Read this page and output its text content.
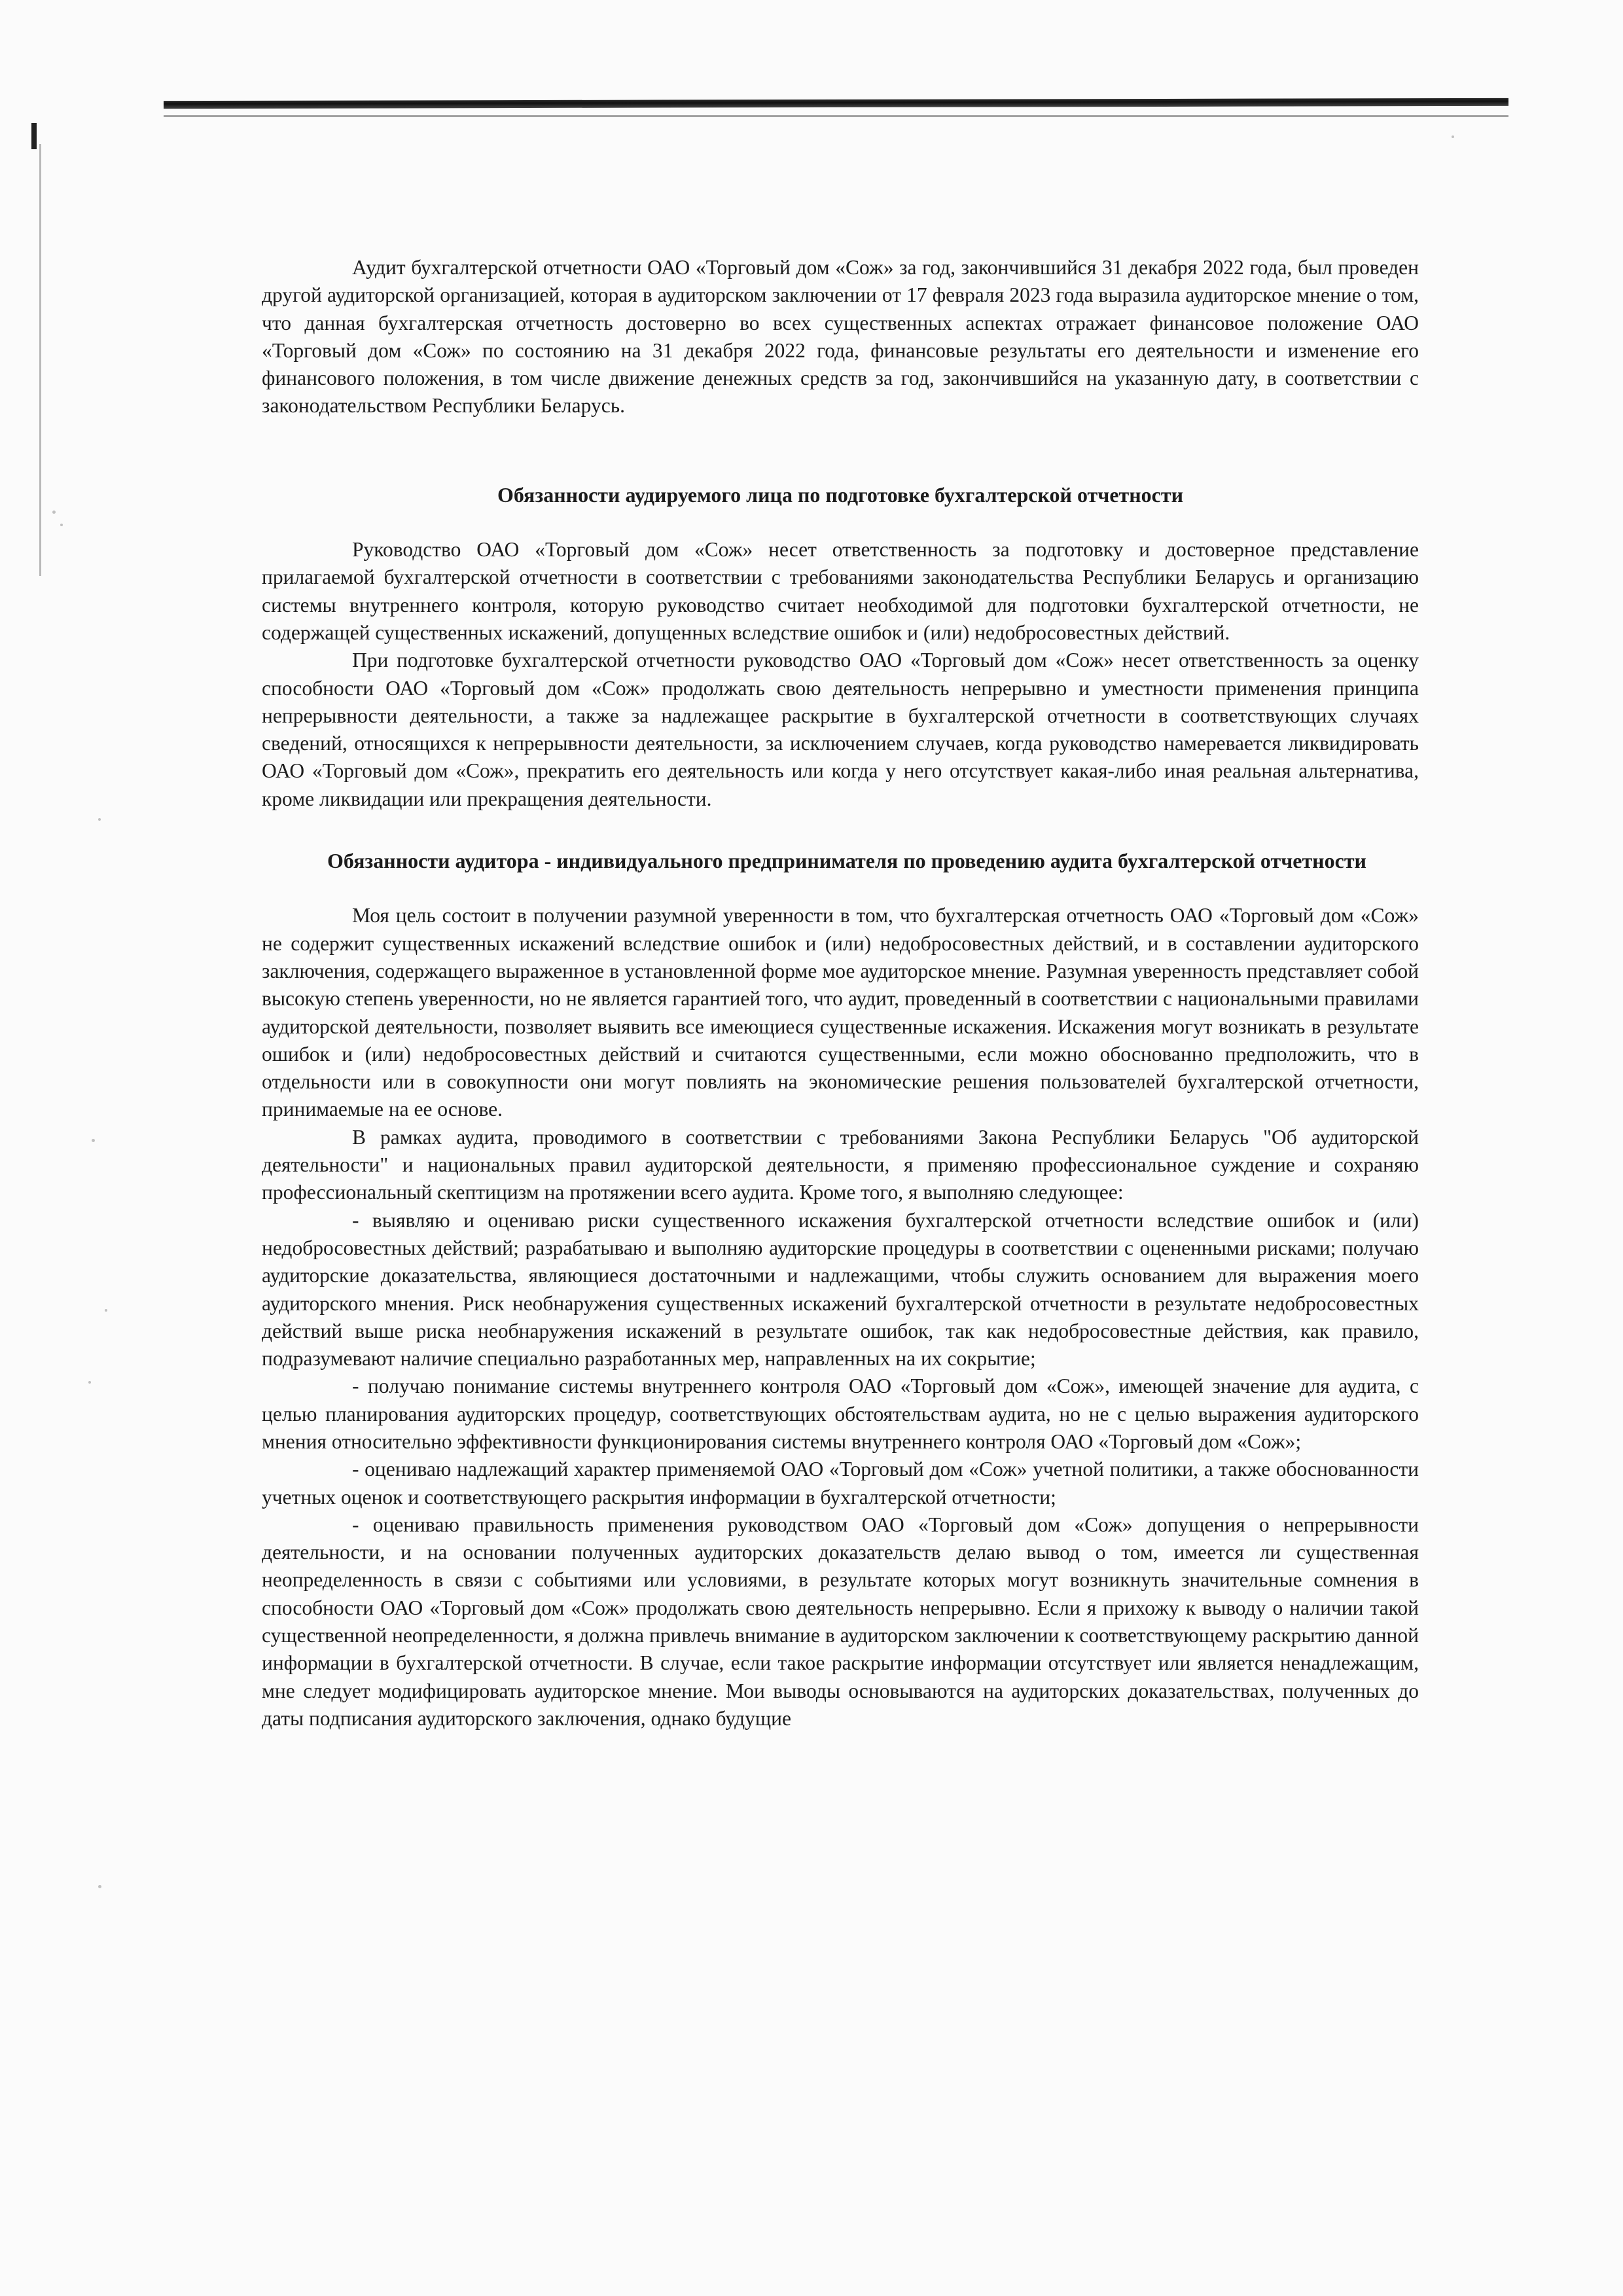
Аудит бухгалтерской отчетности ОАО «Торговый дом «Сож» за год, закончившийся 31 декабря 2022 года, был проведен другой аудиторской организацией, которая в аудиторском заключении от 17 февраля 2023 года выразила аудиторское мнение о том, что данная бухгалтерская отчетность достоверно во всех существенных аспектах отражает финансовое положение ОАО «Торговый дом «Сож» по состоянию на 31 декабря 2022 года, финансовые результаты его деятельности и изменение его финансового положения, в том числе движение денежных средств за год, закончившийся на указанную дату, в соответствии с законодательством Республики Беларусь.

Обязанности аудируемого лица по подготовке бухгалтерской отчетности

Руководство ОАО «Торговый дом «Сож» несет ответственность за подготовку и достоверное представление прилагаемой бухгалтерской отчетности в соответствии с требованиями законодательства Республики Беларусь и организацию системы внутреннего контроля, которую руководство считает необходимой для подготовки бухгалтерской отчетности, не содержащей существенных искажений, допущенных вследствие ошибок и (или) недобросовестных действий.

При подготовке бухгалтерской отчетности руководство ОАО «Торговый дом «Сож» несет ответственность за оценку способности ОАО «Торговый дом «Сож» продолжать свою деятельность непрерывно и уместности применения принципа непрерывности деятельности, а также за надлежащее раскрытие в бухгалтерской отчетности в соответствующих случаях сведений, относящихся к непрерывности деятельности, за исключением случаев, когда руководство намеревается ликвидировать ОАО «Торговый дом «Сож», прекратить его деятельность или когда у него отсутствует какая-либо иная реальная альтернатива, кроме ликвидации или прекращения деятельности.

Обязанности аудитора - индивидуального предпринимателя по проведению аудита бухгалтерской отчетности

Моя цель состоит в получении разумной уверенности в том, что бухгалтерская отчетность ОАО «Торговый дом «Сож» не содержит существенных искажений вследствие ошибок и (или) недобросовестных действий, и в составлении аудиторского заключения, содержащего выраженное в установленной форме мое аудиторское мнение. Разумная уверенность представляет собой высокую степень уверенности, но не является гарантией того, что аудит, проведенный в соответствии с национальными правилами аудиторской деятельности, позволяет выявить все имеющиеся существенные искажения. Искажения могут возникать в результате ошибок и (или) недобросовестных действий и считаются существенными, если можно обоснованно предположить, что в отдельности или в совокупности они могут повлиять на экономические решения пользователей бухгалтерской отчетности, принимаемые на ее основе.

В рамках аудита, проводимого в соответствии с требованиями Закона Республики Беларусь "Об аудиторской деятельности" и национальных правил аудиторской деятельности, я применяю профессиональное суждение и сохраняю профессиональный скептицизм на протяжении всего аудита. Кроме того, я выполняю следующее:

- выявляю и оцениваю риски существенного искажения бухгалтерской отчетности вследствие ошибок и (или) недобросовестных действий; разрабатываю и выполняю аудиторские процедуры в соответствии с оцененными рисками; получаю аудиторские доказательства, являющиеся достаточными и надлежащими, чтобы служить основанием для выражения моего аудиторского мнения. Риск необнаружения существенных искажений бухгалтерской отчетности в результате недобросовестных действий выше риска необнаружения искажений в результате ошибок, так как недобросовестные действия, как правило, подразумевают наличие специально разработанных мер, направленных на их сокрытие;

- получаю понимание системы внутреннего контроля ОАО «Торговый дом «Сож», имеющей значение для аудита, с целью планирования аудиторских процедур, соответствующих обстоятельствам аудита, но не с целью выражения аудиторского мнения относительно эффективности функционирования системы внутреннего контроля ОАО «Торговый дом «Сож»;

- оцениваю надлежащий характер применяемой ОАО «Торговый дом «Сож» учетной политики, а также обоснованности учетных оценок и соответствующего раскрытия информации в бухгалтерской отчетности;

- оцениваю правильность применения руководством ОАО «Торговый дом «Сож» допущения о непрерывности деятельности, и на основании полученных аудиторских доказательств делаю вывод о том, имеется ли существенная неопределенность в связи с событиями или условиями, в результате которых могут возникнуть значительные сомнения в способности ОАО «Торговый дом «Сож» продолжать свою деятельность непрерывно. Если я прихожу к выводу о наличии такой существенной неопределенности, я должна привлечь внимание в аудиторском заключении к соответствующему раскрытию данной информации в бухгалтерской отчетности. В случае, если такое раскрытие информации отсутствует или является ненадлежащим, мне следует модифицировать аудиторское мнение. Мои выводы основываются на аудиторских доказательствах, полученных до даты подписания аудиторского заключения, однако будущие
